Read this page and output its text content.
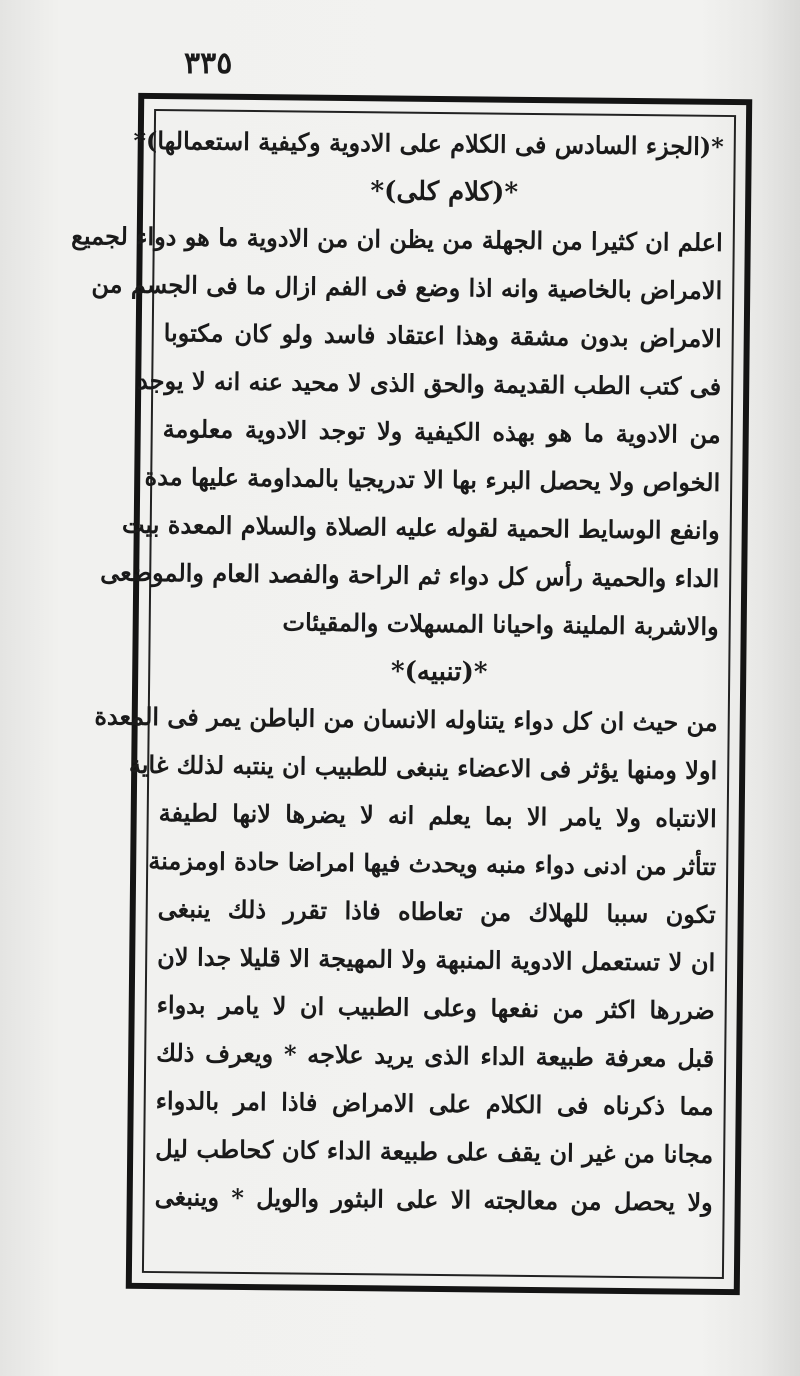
٣٣٥
*(الجزء السادس فى الكلام على الادوية وكيفية استعمالها)*
*(كلام كلى)*
اعلم ان كثيرا من الجهلة من يظن ان من الادوية ما هو دواء لجميع
الامراض بالخاصية وانه اذا وضع فى الفم ازال ما فى الجسم من
الامراض بدون مشقة وهذا اعتقاد فاسد ولو كان مكتوبا
فى كتب الطب القديمة والحق الذى لا محيد عنه انه لا يوجد
من الادوية ما هو بهذه الكيفية ولا توجد الادوية معلومة
الخواص ولا يحصل البرء بها الا تدريجيا بالمداومة عليها مدة
وانفع الوسايط الحمية لقوله عليه الصلاة والسلام المعدة بيت
الداء والحمية رأس كل دواء ثم الراحة والفصد العام والموضعى
والاشربة الملينة واحيانا المسهلات والمقيئات
*(تنبيه)*
من حيث ان كل دواء يتناوله الانسان من الباطن يمر فى المعدة
اولا ومنها يؤثر فى الاعضاء ينبغى للطبيب ان ينتبه لذلك غاية
الانتباه ولا يامر الا بما يعلم انه لا يضرها لانها لطيفة
تتأثر من ادنى دواء منبه ويحدث فيها امراضا حادة اومزمنة
تكون سببا للهلاك من تعاطاه فاذا تقرر ذلك ينبغى
ان لا تستعمل الادوية المنبهة ولا المهيجة الا قليلا جدا لان
ضررها اكثر من نفعها وعلى الطبيب ان لا يامر بدواء
قبل معرفة طبيعة الداء الذى يريد علاجه * ويعرف ذلك
مما ذكرناه فى الكلام على الامراض فاذا امر بالدواء
مجانا من غير ان يقف على طبيعة الداء كان كحاطب ليل
ولا يحصل من معالجته الا على البثور والويل * وينبغى
